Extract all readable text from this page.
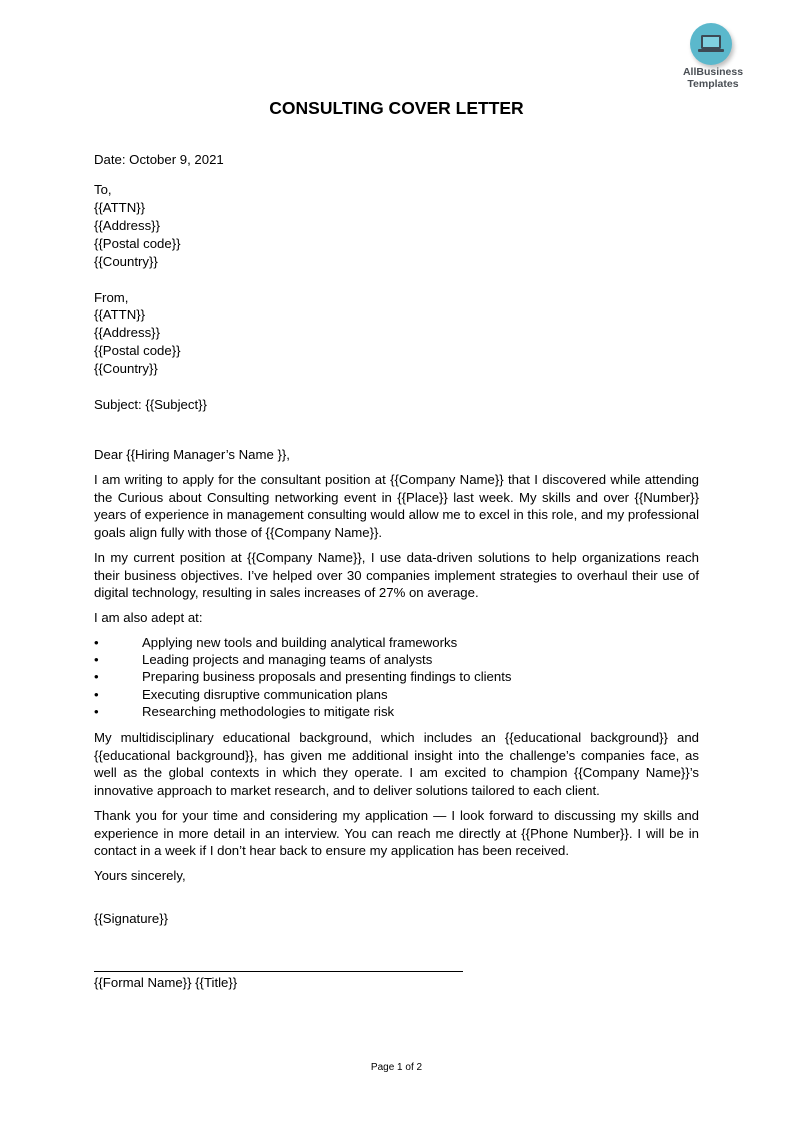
AllBusiness
Templates
CONSULTING COVER LETTER
Date: October 9, 2021
To,
{{ATTN}}
{{Address}}
{{Postal code}}
{{Country}}
From,
{{ATTN}}
{{Address}}
{{Postal code}}
{{Country}}
Subject: {{Subject}}
Dear {{Hiring Manager’s Name }},
I am writing to apply for the consultant position at {{Company Name}} that I discovered while attending the Curious about Consulting networking event in {{Place}} last week. My skills and over {{Number}} years of experience in management consulting would allow me to excel in this role, and my professional goals align fully with those of {{Company Name}}.
In my current position at {{Company Name}}, I use data-driven solutions to help organizations reach their business objectives. I’ve helped over 30 companies implement strategies to overhaul their use of digital technology, resulting in sales increases of 27% on average.
I am also adept at:
•	Applying new tools and building analytical frameworks
•	Leading projects and managing teams of analysts
•	Preparing business proposals and presenting findings to clients
•	Executing disruptive communication plans
•	Researching methodologies to mitigate risk
My multidisciplinary educational background, which includes an {{educational background}} and {{educational background}}, has given me additional insight into the challenge’s companies face, as well as the global contexts in which they operate. I am excited to champion {{Company Name}}’s innovative approach to market research, and to deliver solutions tailored to each client.
Thank you for your time and considering my application — I look forward to discussing my skills and experience in more detail in an interview. You can reach me directly at {{Phone Number}}. I will be in contact in a week if I don’t hear back to ensure my application has been received.
Yours sincerely,
{{Signature}}
{{Formal Name}} {{Title}}
Page 1 of 2
